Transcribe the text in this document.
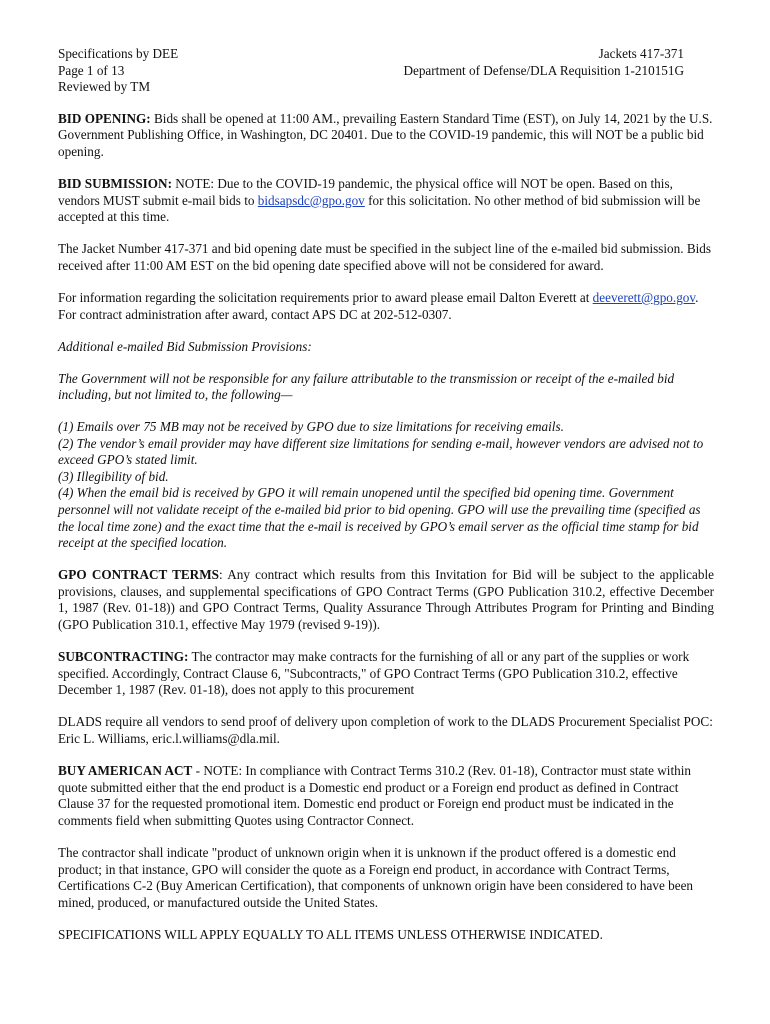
Specifications by DEE
Page 1 of 13
Reviewed by TM
Jackets 417-371
Department of Defense/DLA Requisition 1-210151G

BID OPENING: Bids shall be opened at 11:00 AM., prevailing Eastern Standard Time (EST), on July 14, 2021 by the U.S. Government Publishing Office, in Washington, DC 20401. Due to the COVID-19 pandemic, this will NOT be a public bid opening.

BID SUBMISSION: NOTE: Due to the COVID-19 pandemic, the physical office will NOT be open. Based on this, vendors MUST submit e-mail bids to bidsapsdc@gpo.gov for this solicitation. No other method of bid submission will be accepted at this time.

The Jacket Number 417-371 and bid opening date must be specified in the subject line of the e-mailed bid submission. Bids received after 11:00 AM EST on the bid opening date specified above will not be considered for award.

For information regarding the solicitation requirements prior to award please email Dalton Everett at deeverett@gpo.gov. For contract administration after award, contact APS DC at 202-512-0307.

Additional e-mailed Bid Submission Provisions:

The Government will not be responsible for any failure attributable to the transmission or receipt of the e-mailed bid including, but not limited to, the following—

(1) Emails over 75 MB may not be received by GPO due to size limitations for receiving emails.

(2) The vendor’s email provider may have different size limitations for sending e-mail, however vendors are advised not to exceed GPO’s stated limit.

(3) Illegibility of bid.

(4) When the email bid is received by GPO it will remain unopened until the specified bid opening time. Government personnel will not validate receipt of the e-mailed bid prior to bid opening. GPO will use the prevailing time (specified as the local time zone) and the exact time that the e-mail is received by GPO’s email server as the official time stamp for bid receipt at the specified location.

GPO CONTRACT TERMS: Any contract which results from this Invitation for Bid will be subject to the applicable provisions, clauses, and supplemental specifications of GPO Contract Terms (GPO Publication 310.2, effective December 1, 1987 (Rev. 01-18)) and GPO Contract Terms, Quality Assurance Through Attributes Program for Printing and Binding (GPO Publication 310.1, effective May 1979 (revised 9-19)).

SUBCONTRACTING: The contractor may make contracts for the furnishing of all or any part of the supplies or work specified. Accordingly, Contract Clause 6, "Subcontracts," of GPO Contract Terms (GPO Publication 310.2, effective December 1, 1987 (Rev. 01-18), does not apply to this procurement

DLADS require all vendors to send proof of delivery upon completion of work to the DLADS Procurement Specialist POC: Eric L. Williams, eric.l.williams@dla.mil.

BUY AMERICAN ACT - NOTE: In compliance with Contract Terms 310.2 (Rev. 01-18), Contractor must state within quote submitted either that the end product is a Domestic end product or a Foreign end product as defined in Contract Clause 37 for the requested promotional item. Domestic end product or Foreign end product must be indicated in the comments field when submitting Quotes using Contractor Connect.

The contractor shall indicate "product of unknown origin when it is unknown if the product offered is a domestic end product; in that instance, GPO will consider the quote as a Foreign end product, in accordance with Contract Terms, Certifications C-2 (Buy American Certification), that components of unknown origin have been considered to have been mined, produced, or manufactured outside the United States.

SPECIFICATIONS WILL APPLY EQUALLY TO ALL ITEMS UNLESS OTHERWISE INDICATED.
